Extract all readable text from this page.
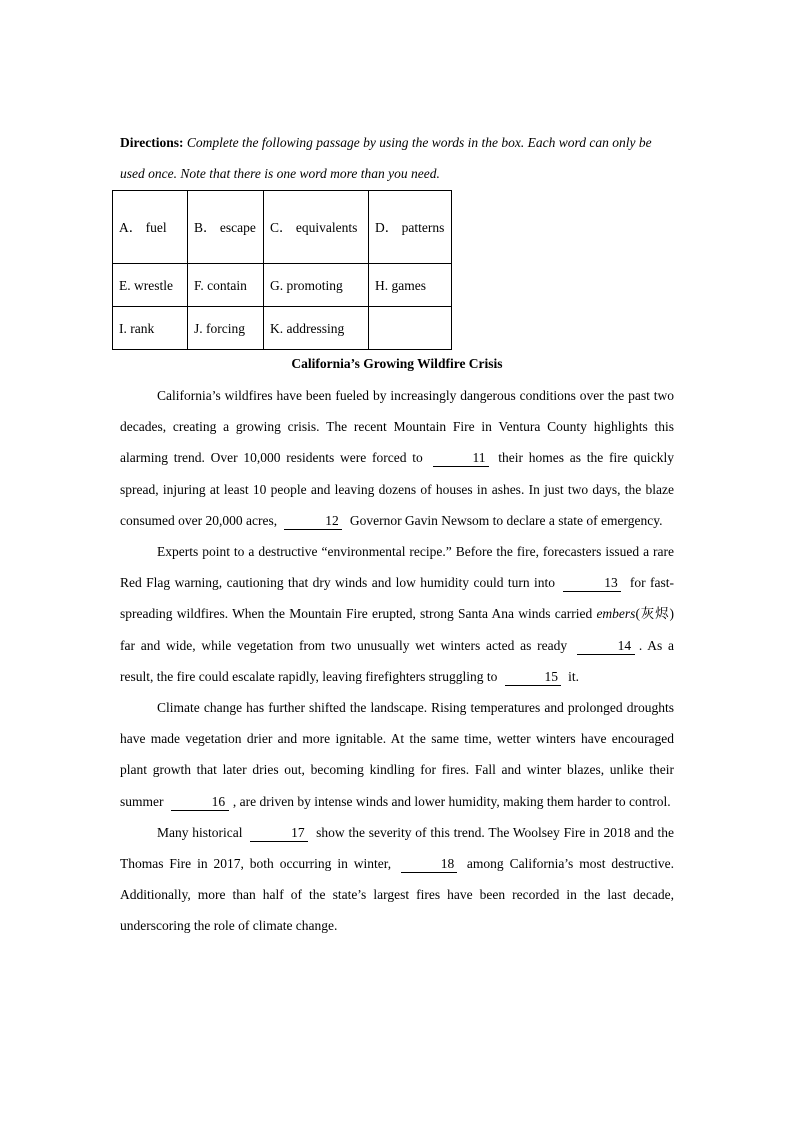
Directions: Complete the following passage by using the words in the box. Each word can only be used once. Note that there is one word more than you need.
A． fuel	B． escape	C． equivalents	D． patterns
E. wrestle	F. contain	G. promoting	H. games
I. rank	J. forcing	K. addressing	
California’s Growing Wildfire Crisis

California’s wildfires have been fueled by increasingly dangerous conditions over the past two decades, creating a growing crisis. The recent Mountain Fire in Ventura County highlights this alarming trend. Over 10,000 residents were forced to	11 their homes as the fire quickly spread, injuring at least 10 people and leaving dozens of houses in ashes. In just two days, the blaze consumed over 20,000 acres,	12 Governor Gavin Newsom to declare a state of emergency.

Experts point to a destructive “environmental recipe.” Before the fire, forecasters issued a rare Red Flag warning, cautioning that dry winds and low humidity could turn into	13 for fast-spreading wildfires. When the Mountain Fire erupted, strong Santa Ana winds carried embers(灰烬) far and wide, while vegetation from two unusually wet winters acted as ready	14 . As a result, the fire could escalate rapidly, leaving firefighters struggling to	15 it.

Climate change has further shifted the landscape. Rising temperatures and prolonged droughts have made vegetation drier and more ignitable. At the same time, wetter winters have encouraged plant growth that later dries out, becoming kindling for fires. Fall and winter blazes, unlike their summer	16 , are driven by intense winds and lower humidity, making them harder to control.

Many historical	17 show the severity of this trend. The Woolsey Fire in 2018 and the Thomas Fire in 2017, both occurring in winter,	18 among California’s most destructive. Additionally, more than half of the state’s largest fires have been recorded in the last decade, underscoring the role of climate change.
